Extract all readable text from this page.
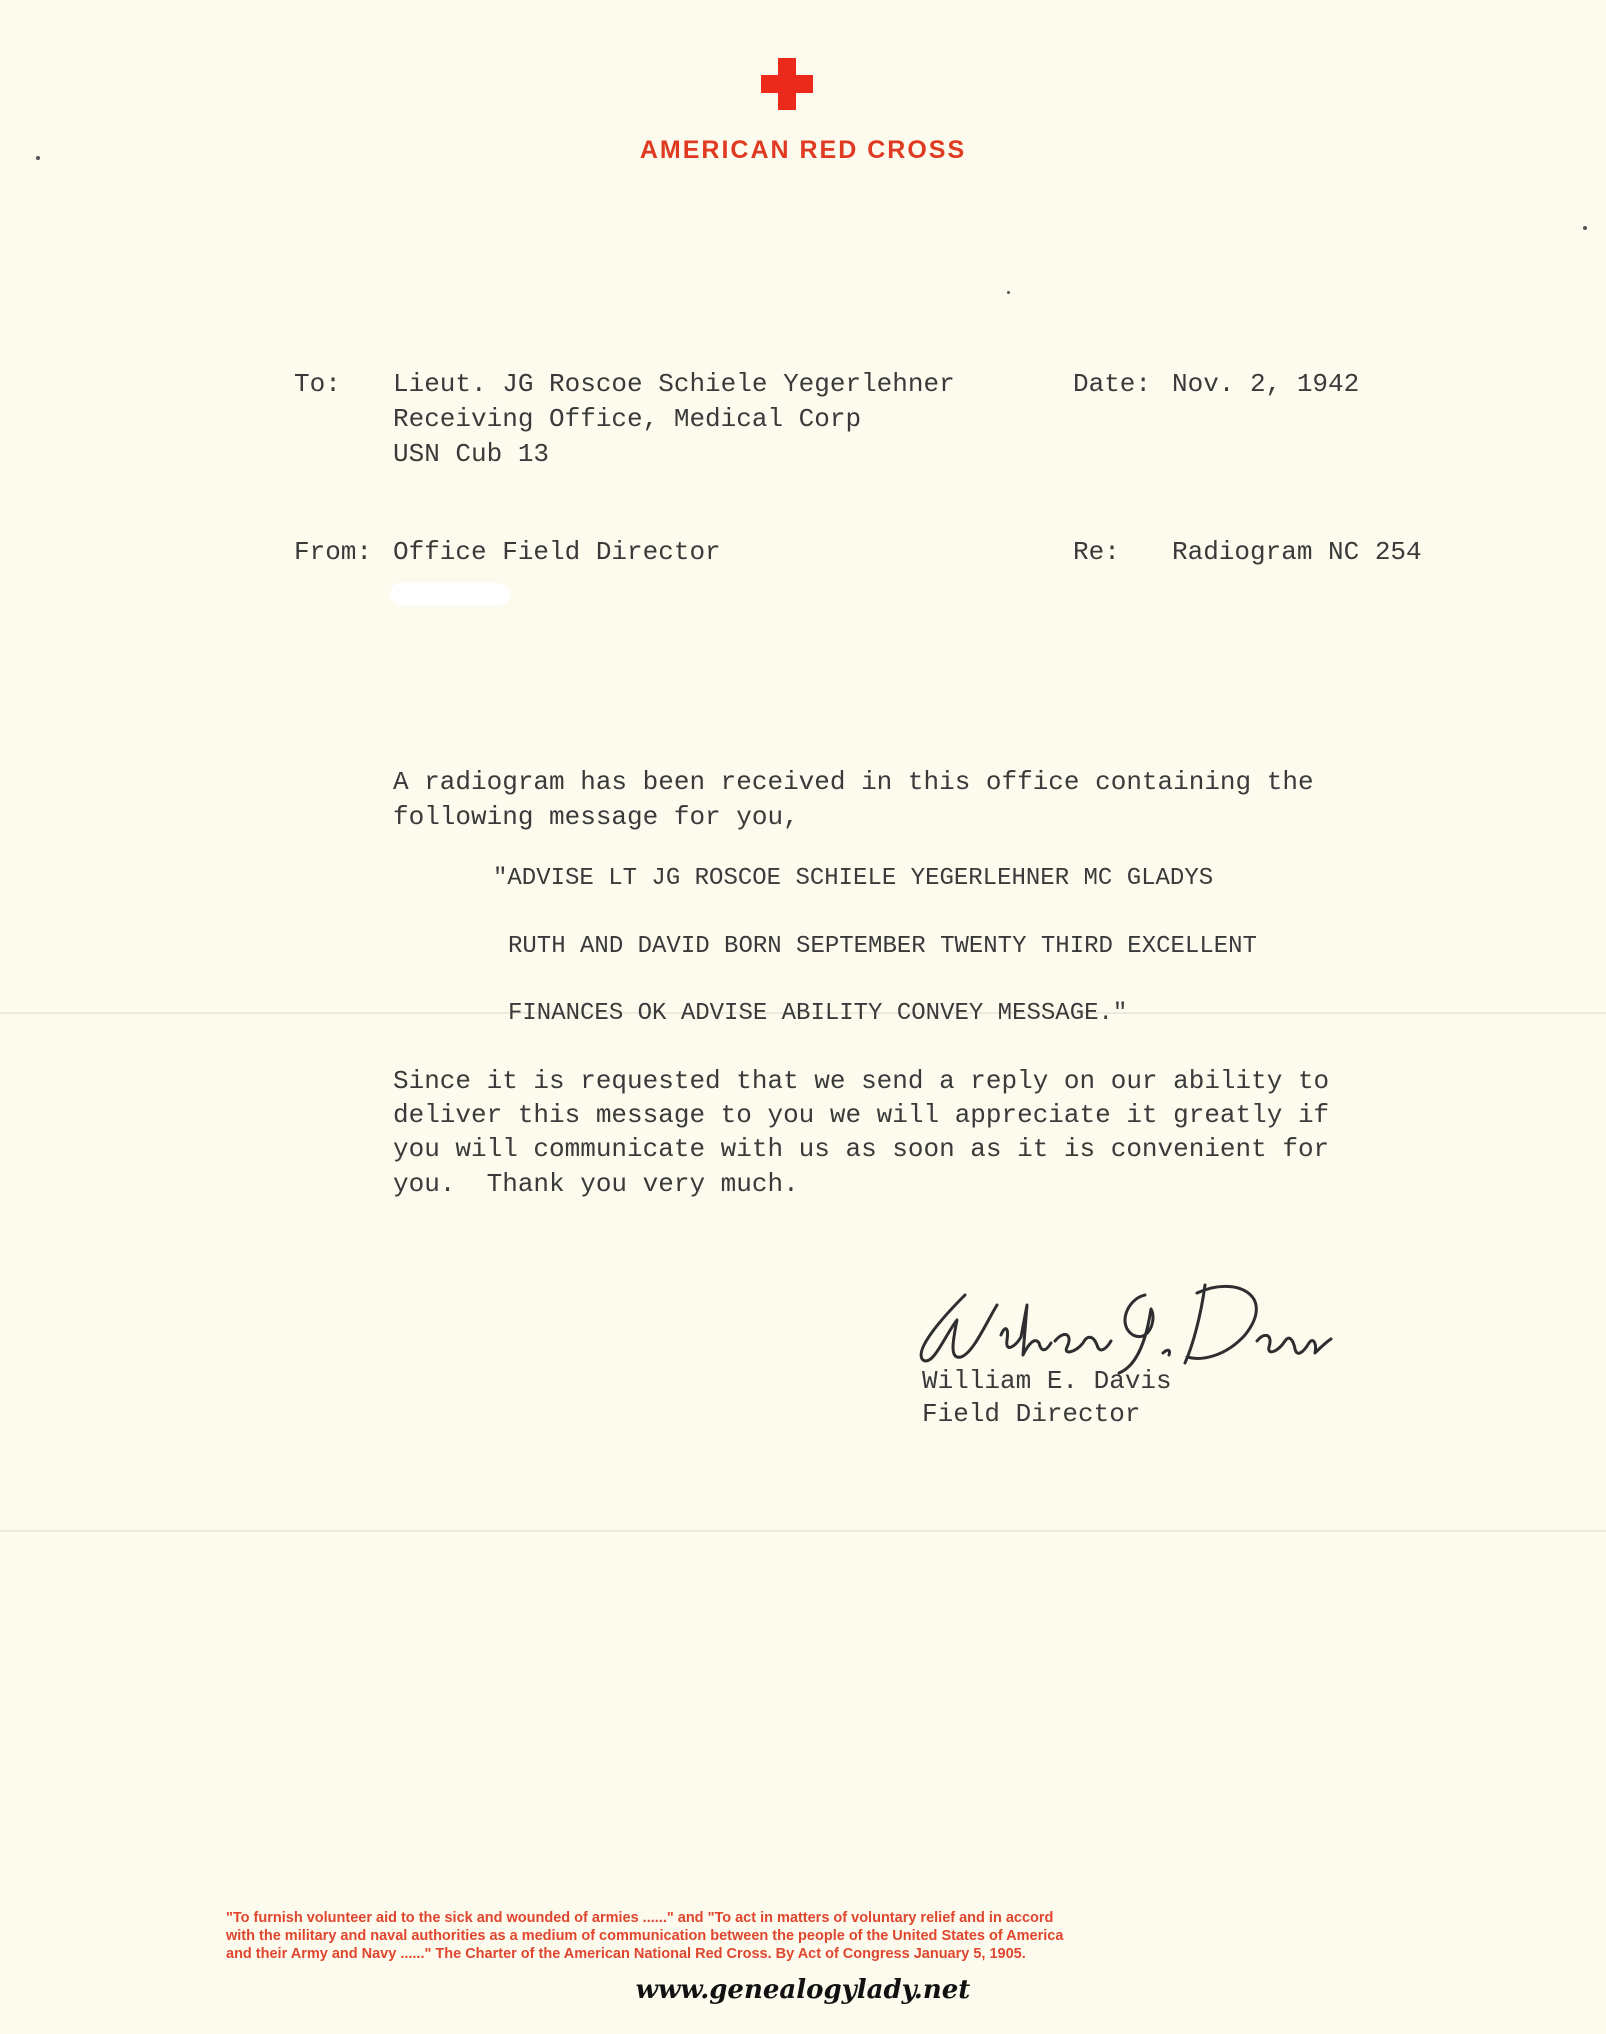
AMERICAN RED CROSS
To: Lieut. JG Roscoe Schiele Yegerlehner
Receiving Office, Medical Corp
USN Cub 13
Date: Nov. 2, 1942
From: Office Field Director	Re: Radiogram NC 254
A radiogram has been received in this office containing the
following message for you,
"ADVISE LT JG ROSCOE SCHIELE YEGERLEHNER MC GLADYS
RUTH AND DAVID BORN SEPTEMBER TWENTY THIRD EXCELLENT
FINANCES OK ADVISE ABILITY CONVEY MESSAGE."
Since it is requested that we send a reply on our ability to
deliver this message to you we will appreciate it greatly if
you will communicate with us as soon as it is convenient for
you.  Thank you very much.
William E. Davis
Field Director
"To furnish volunteer aid to the sick and wounded of armies ......" and "To act in matters of voluntary relief and in accord
with the military and naval authorities as a medium of communication between the people of the United States of America
and their Army and Navy ......" The Charter of the American National Red Cross. By Act of Congress January 5, 1905.
www.genealogylady.net
